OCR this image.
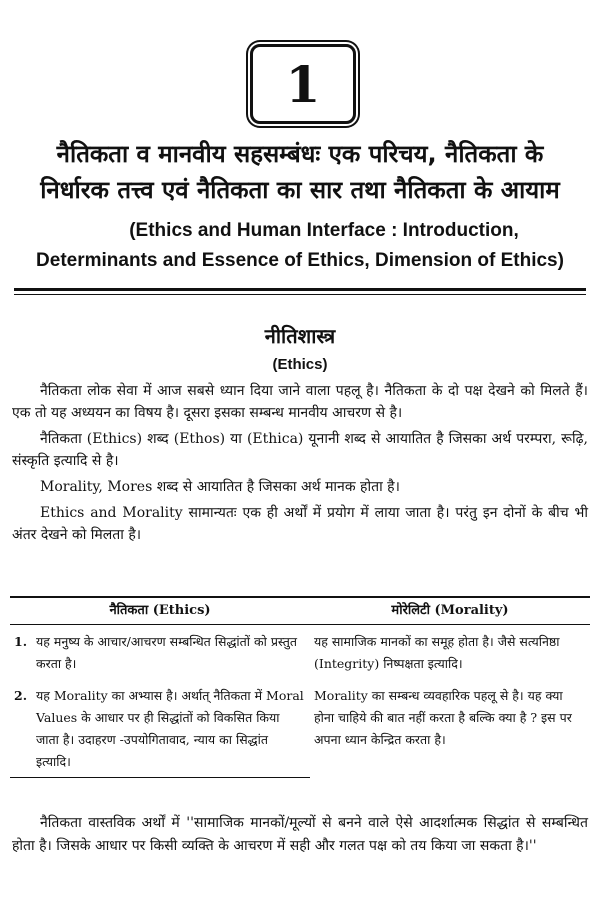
1
नैतिकता व मानवीय सहसम्बंधः एक परिचय, नैतिकता के
निर्धारक तत्त्व एवं नैतिकता का सार तथा नैतिकता के आयाम
(Ethics and Human Interface : Introduction,
Determinants and Essence of Ethics, Dimension of Ethics)
नीतिशास्त्र
(Ethics)

नैतिकता लोक सेवा में आज सबसे ध्यान दिया जाने वाला पहलू है। नैतिकता के दो पक्ष देखने को मिलते हैं। एक तो यह अध्ययन का विषय है। दूसरा इसका सम्बन्ध मानवीय आचरण से है।

नैतिकता (Ethics) शब्द (Ethos) या (Ethica) यूनानी शब्द से आयातित है जिसका अर्थ परम्परा, रूढ़ि, संस्कृति इत्यादि से है।

Morality, Mores शब्द से आयातित है जिसका अर्थ मानक होता है।

Ethics and Morality सामान्यतः एक ही अर्थों में प्रयोग में लाया जाता है। परंतु इन दोनों के बीच भी अंतर देखने को मिलता है।

नैतिकता (Ethics)	मोरेलिटी (Morality)

1. यह मनुष्य के आचार/आचरण सम्बन्धित सिद्धांतों को प्रस्तुत करता है।	यह सामाजिक मानकों का समूह होता है। जैसे सत्यनिष्ठा (Integrity) निष्पक्षता इत्यादि।

2. यह Morality का अभ्यास है। अर्थात् नैतिकता में Moral Values के आधार पर ही सिद्धांतों को विकसित किया जाता है। उदाहरण -उपयोगितावाद, न्याय का सिद्धांत इत्यादि।	Morality का सम्बन्ध व्यवहारिक पहलू से है। यह क्या होना चाहिये की बात नहीं करता है बल्कि क्या है ? इस पर अपना ध्यान केन्द्रित करता है।

नैतिकता वास्तविक अर्थों में ''सामाजिक मानकों/मूल्यों से बनने वाले ऐसे आदर्शात्मक सिद्धांत से सम्बन्धित होता है। जिसके आधार पर किसी व्यक्ति के आचरण में सही और गलत पक्ष को तय किया जा सकता है।''
